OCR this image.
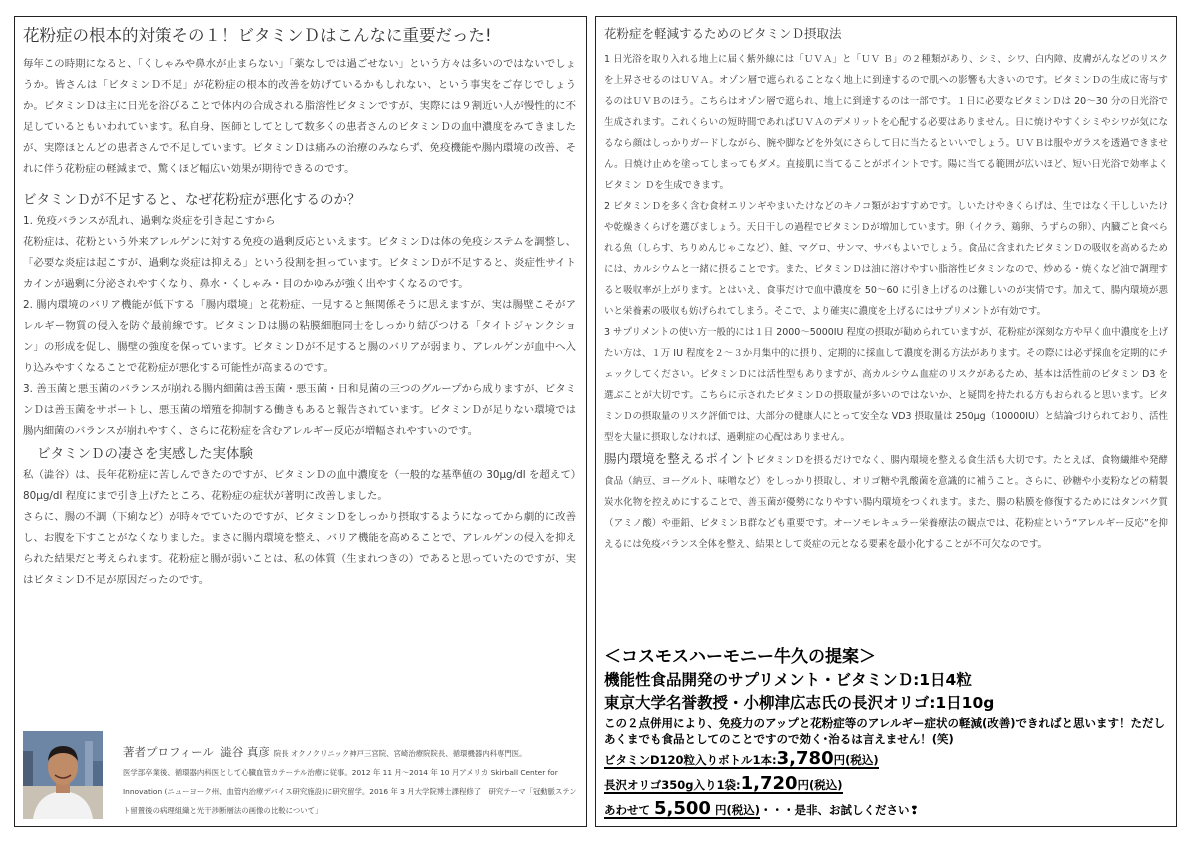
花粉症の根本的対策その１！ビタミンＤはこんなに重要だった!

毎年この時期になると、「くしゃみや鼻水が止まらない」「薬なしでは過ごせない」という方々は多いのではないでしょうか。皆さんは「ビタミンＤ不足」が花粉症の根本的改善を妨げているかもしれない、という事実をご存じでしょうか。ビタミンＤは主に日光を浴びることで体内の合成される脂溶性ビタミンですが、実際には９割近い人が慢性的に不足しているともいわれています。私自身、医師としてとして数多くの患者さんのビタミンＤの血中濃度をみてきましたが、実際ほとんどの患者さんで不足しています。ビタミンＤは痛みの治療のみならず、免疫機能や腸内環境の改善、それに伴う花粉症の軽減まで、驚くほど幅広い効果が期待できるのです。

ビタミンＤが不足すると、なぜ花粉症が悪化するのか？

1. 免疫バランスが乱れ、過剰な炎症を引き起こすから

花粉症は、花粉という外来アレルゲンに対する免疫の過剰反応といえます。ビタミンＤは体の免疫システムを調整し、「必要な炎症は起こすが、過剰な炎症は抑える」という役割を担っています。ビタミンＤが不足すると、炎症性サイトカインが過剰に分泌されやすくなり、鼻水・くしゃみ・目のかゆみが強く出やすくなるのです。

2. 腸内環境のバリア機能が低下する「腸内環境」と花粉症、一見すると無関係そうに思えますが、実は腸壁こそがアレルギー物質の侵入を防ぐ最前線です。ビタミンＤは腸の粘膜細胞同士をしっかり結びつける「タイトジャンクション」の形成を促し、腸壁の強度を保っています。ビタミンＤが不足すると腸のバリアが弱まり、アレルゲンが血中へ入り込みやすくなることで花粉症が悪化する可能性が高まるのです。

3. 善玉菌と悪玉菌のバランスが崩れる腸内細菌は善玉菌・悪玉菌・日和見菌の三つのグループから成りますが、ビタミンＤは善玉菌をサポートし、悪玉菌の増殖を抑制する働きもあると報告されています。ビタミンＤが足りない環境では腸内細菌のバランスが崩れやすく、さらに花粉症を含むアレルギー反応が増幅されやすいのです。

ビタミンＤの凄さを実感した実体験

私（澁谷）は、長年花粉症に苦しんできたのですが、ビタミンＤの血中濃度を（一般的な基準値の 30μg/dl を超えて）80μg/dl 程度にまで引き上げたところ、花粉症の症状が著明に改善しました。

さらに、腸の不調（下痢など）が時々でていたのですが、ビタミンＤをしっかり摂取するようになってから劇的に改善し、お腹を下すことがなくなりました。まさに腸内環境を整え、バリア機能を高めることで、アレルゲンの侵入を抑えられた結果だと考えられます。花粉症と腸が弱いことは、私の体質（生まれつきの）であると思っていたのですが、実はビタミンＤ不足が原因だったのです。

著者プロフィール 澁谷 真彦 院長 オクノクリニック神戸三宮院、宮崎治療院院長、循環機器内科専門医。
医学部卒業後、循環器内科医として心臓血管カテーテル治療に従事。2012 年 11 月～2014 年 10 月アメリカ Skirball Center for Innovation (ニューヨーク州、血管内治療デバイス研究施設)に研究留学。2016 年 3 月大学院博士課程修了　研究テーマ「冠動脈ステント留置後の病理組織と光干渉断層法の画像の比較について」

花粉症を軽減するためのビタミンＤ摂取法

1 日光浴を取り入れる地上に届く紫外線には「ＵＶＡ」と「ＵＶ Ｂ」の２種類があり、シミ、シワ、白内障、皮膚がんなどのリスクを上昇させるのはＵＶＡ。オゾン層で遮られることなく地上に到達するので肌への影響も大きいのです。ビタミンＤの生成に寄与するのはＵＶＢのほう。こちらはオゾン層で遮られ、地上に到達するのは一部です。１日に必要なビタミンＤは 20～30 分の日光浴で生成されます。これくらいの短時間であればＵＶＡのデメリットを心配する必要はありません。日に焼けやすくシミやシワが気になるなら顔はしっかりガードしながら、腕や脚などを外気にさらして日に当たるといいでしょう。ＵＶＢは服やガラスを透過できません。日焼け止めを塗ってしまってもダメ。直接肌に当てることがポイントです。陽に当てる範囲が広いほど、短い日光浴で効率よくビタミン Ｄを生成できます。

2 ビタミンＤを多く含む食材エリンギやまいたけなどのキノコ類がおすすめです。しいたけやきくらげは、生ではなく干ししいたけや乾燥きくらげを選びましょう。天日干しの過程でビタミンＤが増加しています。卵（イクラ、鶏卵、うずらの卵）、内臓ごと食べられる魚（しらす、ちりめんじゃこなど）、鮭、マグロ、サンマ、サバもよいでしょう。食品に含まれたビタミンＤの吸収を高めるためには、カルシウムと一緒に摂ることです。また、ビタミンＤは油に溶けやすい脂溶性ビタミンなので、炒める・焼くなど油で調理すると吸収率が上がります。とはいえ、食事だけで血中濃度を 50～60 に引き上げるのは難しいのが実情です。加えて、腸内環境が悪いと栄養素の吸収も妨げられてしまう。そこで、より確実に濃度を上げるにはサプリメントが有効です。

3 サプリメントの使い方一般的には１日 2000～5000IU 程度の摂取が勧められていますが、花粉症が深刻な方や早く血中濃度を上げたい方は、１万 IU 程度を２～３か月集中的に摂り、定期的に採血して濃度を測る方法があります。その際には必ず採血を定期的にチェックしてください。ビタミンＤには活性型もありますが、高カルシウム血症のリスクがあるため、基本は活性前のビタミン D3 を選ぶことが大切です。こちらに示されたビタミンＤの摂取量が多いのではないか、と疑問を持たれる方もおられると思います。ビタミンＤの摂取量のリスク評価では、大部分の健康人にとって安全な VD3 摂取量は 250μg（10000IU）と結論づけられており、活性型を大量に摂取しなければ、過剰症の心配はありません。

腸内環境を整えるポイントビタミンＤを摂るだけでなく、腸内環境を整える食生活も大切です。たとえば、食物繊維や発酵食品（納豆、ヨーグルト、味噌など）をしっかり摂取し、オリゴ糖や乳酸菌を意識的に補うこと。さらに、砂糖や小麦粉などの精製炭水化物を控えめにすることで、善玉菌が優勢になりやすい腸内環境をつくれます。また、腸の粘膜を修復するためにはタンパク質（アミノ酸）や亜鉛、ビタミンＢ群なども重要です。オーソモレキュラー栄養療法の観点では、花粉症という“アレルギー反応”を抑えるには免疫バランス全体を整え、結果として炎症の元となる要素を最小化することが不可欠なのです。

＜コスモスハーモニー牛久の提案＞

機能性食品開発のサプリメント・ビタミンＤ:1日4粒

東京大学名誉教授・小柳津広志氏の長沢オリゴ:1日10g

この２点併用により、免疫力のアップと花粉症等のアレルギー症状の軽減(改善)できればと思います！ただしあくまでも食品としてのことですので効く･治るは言えません！(笑)

ビタミンD120粒入りボトル1本:3,780円(税込)

長沢オリゴ350g入り1袋:1,720円(税込)

あわせて 5,500 円(税込)・・・是非、お試しください❢
